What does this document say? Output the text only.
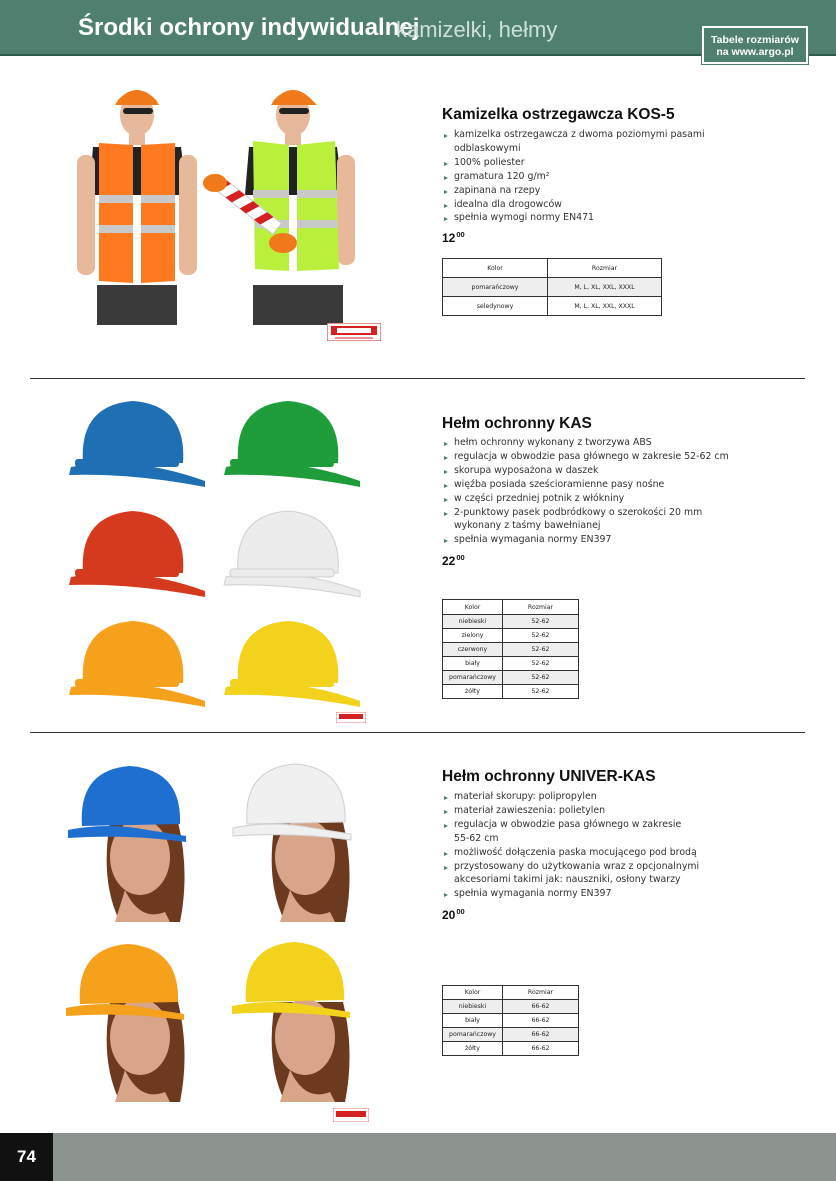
Środki ochrony indywidualnej
kamizelki, hełmy	Tabele rozmiarów
na www.argo.pl
Kamizelka ostrzegawcza KOS-5
kamizelka ostrzegawcza z dwoma poziomymi pasami
odblaskowymi
100% poliester
gramatura 120 g/m²
zapinana na rzepy
idealna dla drogowców
spełnia wymogi normy EN471
$12^{00}$
Kolor	Rozmiar
pomarańczowy	M, L, XL, XXL, XXXL
seledynowy	M, L, XL, XXL, XXXL
Hełm ochronny KAS
hełm ochronny wykonany z tworzywa ABS
regulacja w obwodzie pasa głównego w zakresie 52-62 cm
skorupa wyposażona w daszek
więźba posiada sześcioramienne pasy nośne
w części przedniej potnik z włókniny
2-punktowy pasek podbródkowy o szerokości 20 mm
wykonany z taśmy bawełnianej
spełnia wymagania normy EN397
$22^{00}$
Kolor	Rozmiar
niebieski	52-62
zielony	52-62
czerwony	52-62
biały	52-62
pomarańczowy	52-62
żółty	52-62
Hełm ochronny UNIVER-KAS
materiał skorupy: polipropylen
materiał zawieszenia: polietylen
regulacja w obwodzie pasa głównego w zakresie
55-62 cm
możliwość dołączenia paska mocującego pod brodą
przystosowany do użytkowania wraz z opcjonalnymi
akcesoriami takimi jak: nauszniki, osłony twarzy
spełnia wymagania normy EN397
$20^{00}$
Kolor	Rozmiar
niebieski	66-62
biały	66-62
pomarańczowy	66-62
żółty	66-62
74
